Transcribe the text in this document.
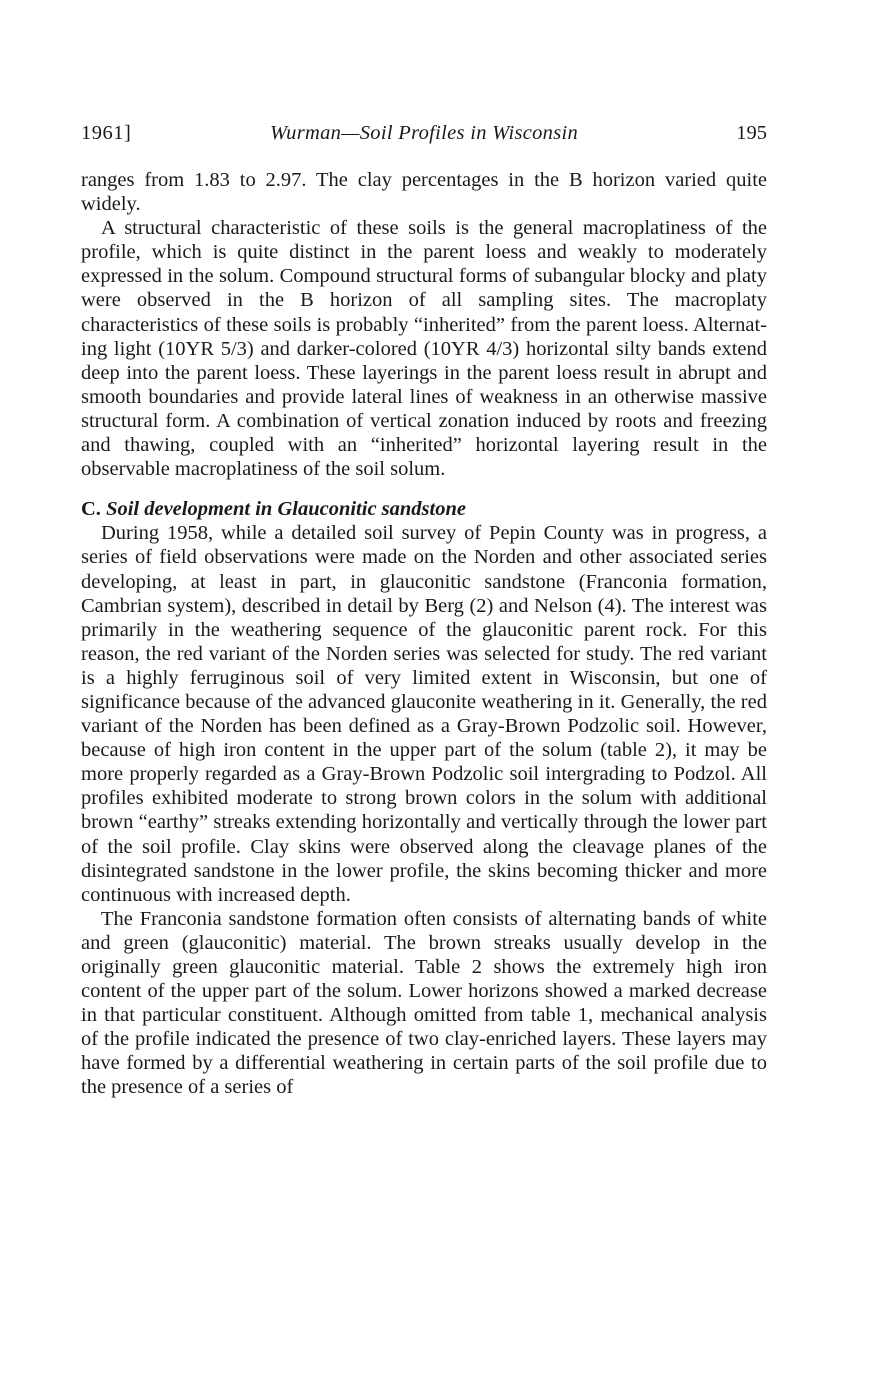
1961]	Wurman—Soil Profiles in Wisconsin	195

ranges from 1.83 to 2.97. The clay percentages in the B horizon varied quite widely.

A structural characteristic of these soils is the general macroplatiness of the profile, which is quite distinct in the parent loess and weakly to moderately expressed in the solum. Compound structural forms of subangular blocky and platy were observed in the B horizon of all sampling sites. The macroplaty characteristics of these soils is probably “inherited” from the parent loess. Alternating light (10YR 5/3) and darker-colored (10YR 4/3) horizontal silty bands extend deep into the parent loess. These layerings in the parent loess result in abrupt and smooth boundaries and provide lateral lines of weakness in an otherwise massive structural form. A combination of vertical zonation induced by roots and freezing and thawing, coupled with an “inherited” horizontal layering result in the observable macroplatiness of the soil solum.

C. Soil development in Glauconitic sandstone

During 1958, while a detailed soil survey of Pepin County was in progress, a series of field observations were made on the Norden and other associated series developing, at least in part, in glauconitic sandstone (Franconia formation, Cambrian system), described in detail by Berg (2) and Nelson (4). The interest was primarily in the weathering sequence of the glauconitic parent rock. For this reason, the red variant of the Norden series was selected for study. The red variant is a highly ferruginous soil of very limited extent in Wisconsin, but one of significance because of the advanced glauconite weathering in it. Generally, the red variant of the Norden has been defined as a Gray-Brown Podzolic soil. However, because of high iron content in the upper part of the solum (table 2), it may be more properly regarded as a Gray-Brown Podzolic soil intergrading to Podzol. All profiles exhibited moderate to strong brown colors in the solum with additional brown “earthy” streaks extending horizontally and vertically through the lower part of the soil profile. Clay skins were observed along the cleavage planes of the disintegrated sandstone in the lower profile, the skins becoming thicker and more continuous with increased depth.

The Franconia sandstone formation often consists of alternating bands of white and green (glauconitic) material. The brown streaks usually develop in the originally green glauconitic material. Table 2 shows the extremely high iron content of the upper part of the solum. Lower horizons showed a marked decrease in that particular constituent. Although omitted from table 1, mechanical analysis of the profile indicated the presence of two clay-enriched layers. These layers may have formed by a differential weathering in certain parts of the soil profile due to the presence of a series of
